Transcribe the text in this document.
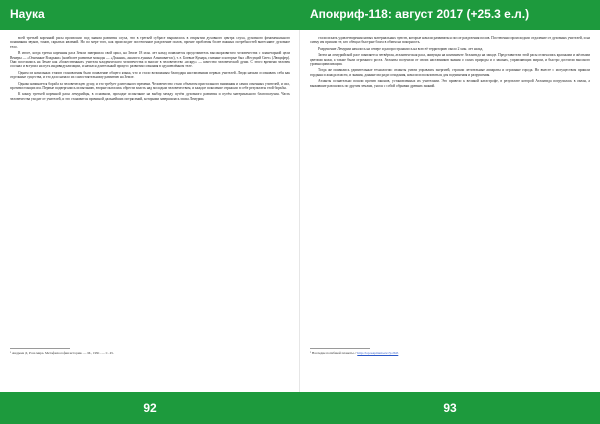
Наука	Апокриф-118: август 2017 (+25.3 е.л.)

всей третьей коренной расы произошло под знаком развития слуха, что в третьей субрасе выразилось в открытии духовного центра слуха, духовного феноменального понимания звуков, тонов, скрытых явлений. Но по мере того, как происходит постепенное разделение полов, прочие проблемы более важных потребностей вытесняют духовное тело.

В итоге, когда третья коренная раса Земли завершила свой цикл, на Земле 18 млн. лет назад появляется представитель высокоразвитого человечества с планетарной цели Венеры — «Огненные Владыки» (наиболее развитые монады — «Дхьяни», аналоги лунных Агнишваттас), т. е. Боевые Кумара, главные и которые был «Несущий Свет» (Люцифер). Они поселились на Земле как «божественные» учителя младенческого человечества и вносят в человечество «искру» — качество человеческой души. С этого времени человек осознал и вступил на путь индивидуализации, и начался длительный процесс развития сознания в одушевлённом теле.

Одним из начальных этапов становления было появление общего языка, что и стало возможным благодаря наставлениям первых учителей. Люди начали осознавать себя как отдельные существа, и это дало начало их самостоятельному развитию на Земле.

Однако начинается борьба за человеческую душу, и это требует длительного времени. Человечество стало объектом пристального внимания и самих огненных учителей, и сил, противостоящих им. Первые подвергались испытанию, вторые пытались обрести власть над молодым человечеством, и каждое поколение отражало в себе результаты этой борьбы.

К концу третьей коренной расы лемурийцы, в основном, проходят испытание на выбор между путём духовного развития и путём материального благополучия. Часть человечества уходит от учителей, и это становится причиной дальнейших потрясений, которыми завершилась эпоха Лемурии.

стали искать удовлетворения новых материальных чувств, которые начали развиваться после разделения полов. Постепенно происходило отдаление от духовных учителей, и на смену им пришли те, кто обещал быстрые блага в обмен на покорность.

Разрушение Лемурии началось на севере и распространилось на всю её территорию около 2 млн. лет назад.

Затем на лемурийской расе появляется четвёртая, атлантическая раса, живущая на континенте Атлантида на западе. Представители этой расы отличались красными и жёлтыми цветами кожи, а также были огромного роста. Атланты получили от своих наставников знания о силах природы и о законах, управляющих миром, и быстро достигли высокого уровня цивилизации.

Тогда же появились удивительные технологии: атланты умели управлять энергией, строили летательные аппараты и огромные города. Но вместе с могуществом пришли гордыня и жажда власти, и знания, данные им ради созидания, начали использоваться для подчинения и разрушения.

Атланты сознательно пошли против законов, установленных их учителями. Это привело к великой катастрофе, в результате которой Атлантида погрузилась в океан, а выжившие разошлись по другим землям, унося с собой обрывки древних знаний.

¹ Андреев Д. Роза мира. Метафилософия истории. — М., 1991. — С. 45.	² Наследие погибшей планеты // http://toposapitania.ru/?p=845
92	93
